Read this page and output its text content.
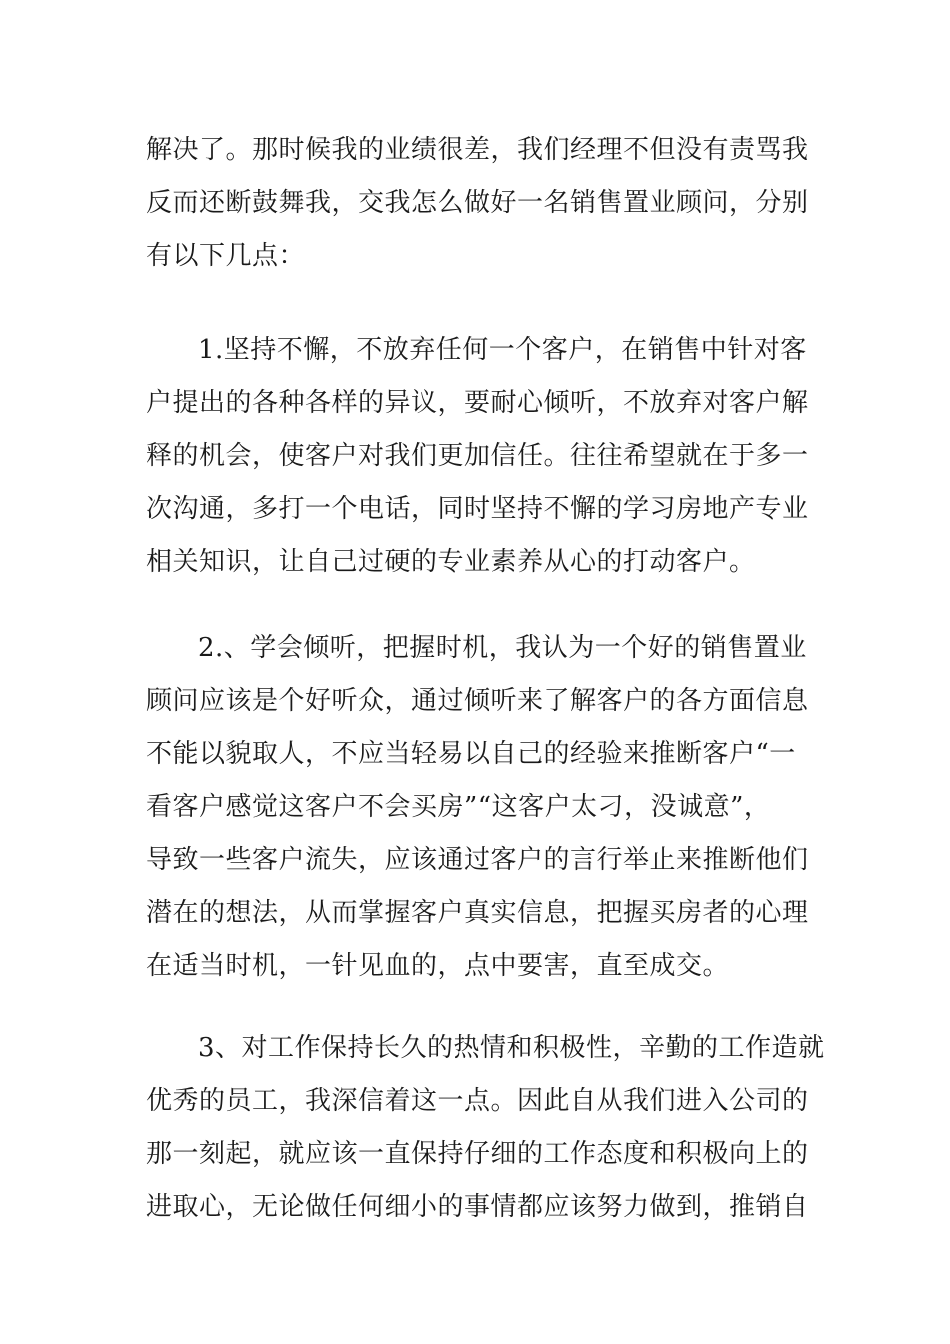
解决了。那时候我的业绩很差，我们经理不但没有责骂我
反而还断鼓舞我，交我怎么做好一名销售置业顾问，分别
有以下几点：

1.坚持不懈，不放弃任何一个客户，在销售中针对客
户提出的各种各样的异议，要耐心倾听，不放弃对客户解
释的机会，使客户对我们更加信任。往往希望就在于多一
次沟通，多打一个电话，同时坚持不懈的学习房地产专业
相关知识，让自己过硬的专业素养从心的打动客户。

2.、学会倾听，把握时机，我认为一个好的销售置业
顾问应该是个好听众，通过倾听来了解客户的各方面信息
不能以貌取人，不应当轻易以自己的经验来推断客户“一
看客户感觉这客户不会买房”“这客户太刁，没诚意”，
导致一些客户流失，应该通过客户的言行举止来推断他们
潜在的想法，从而掌握客户真实信息，把握买房者的心理
在适当时机，一针见血的，点中要害，直至成交。

3、对工作保持长久的热情和积极性，辛勤的工作造就
优秀的员工，我深信着这一点。因此自从我们进入公司的
那一刻起，就应该一直保持仔细的工作态度和积极向上的
进取心，无论做任何细小的事情都应该努力做到，推销自
